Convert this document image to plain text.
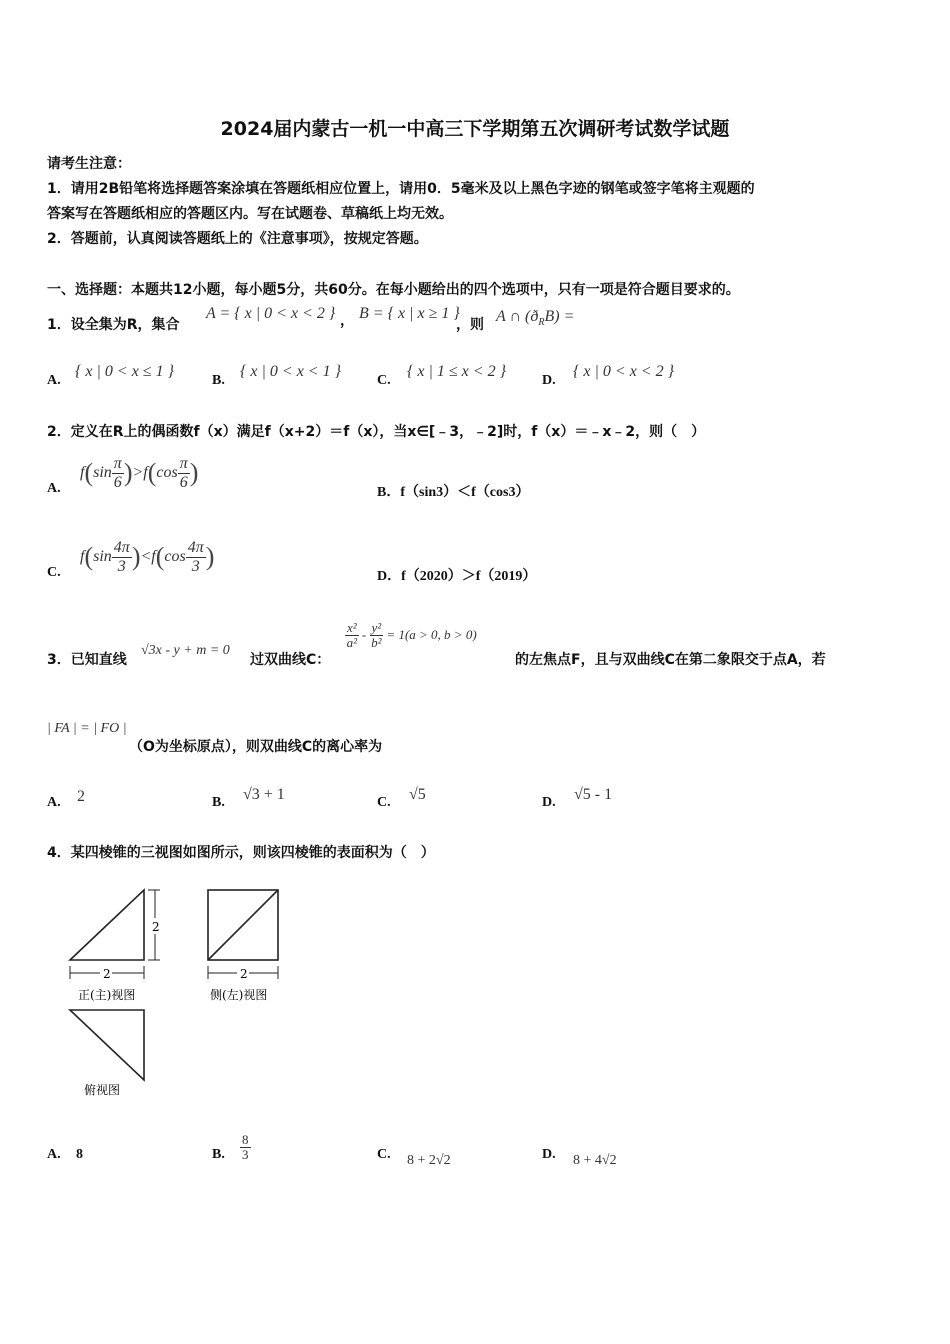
2024届内蒙古一机一中高三下学期第五次调研考试数学试题
请考生注意：
1．请用2B铅笔将选择题答案涂填在答题纸相应位置上，请用0．5毫米及以上黑色字迹的钢笔或签字笔将主观题的
答案写在答题纸相应的答题区内。写在试题卷、草稿纸上均无效。
2．答题前，认真阅读答题纸上的《注意事项》，按规定答题。
一、选择题：本题共12小题，每小题5分，共60分。在每小题给出的四个选项中，只有一项是符合题目要求的。
1．设全集为R，集合
A = { x | 0 < x < 2 } ， B = { x | x ≥ 1 }
，则 A ∩ $(ð_RB)$ =
A.
{ x | 0 < x ≤ 1 }
B.
{ x | 0 < x < 1 }
C.
{ x | 1 ≤ x < 2 }
D.
{ x | 0 < x < 2 }
2．定义在R上的偶函数f（x）满足f（x+2）＝f（x），当x∈[﹣3，﹣2]时，f（x）＝﹣x﹣2，则（　）
A.
$f(\sin \frac{\pi}{6} )>f(\cos \frac{\pi}{6}$ )
B．f（sin3）＜f（cos3）
C.
$f(\sin \frac{4\pi}{3} )<f(\cos \frac{4\pi}{3}$ )
D．f（2020）＞f（2019）
3．已知直线
√3x - y + m = 0
过双曲线C：
$\frac{\text{x²}}{\text{a²}} - \frac{\text{y²}}{\text{b²}} = 1(a > 0$, b > 0)
的左焦点F，且与双曲线C在第二象限交于点A，若
| FA | = | FO |
（O为坐标原点），则双曲线C的离心率为
A. 2	B. √3 + 1	C. √5	D. √5 - 1
4．某四棱锥的三视图如图所示，则该四棱锥的表面积为（　）
2
2
正(主)视图
2
侧(左)视图
俯视图
A. 8	B. $\frac{8}{3}$	C. 8 + 2√2	D. 8 + 4√2
